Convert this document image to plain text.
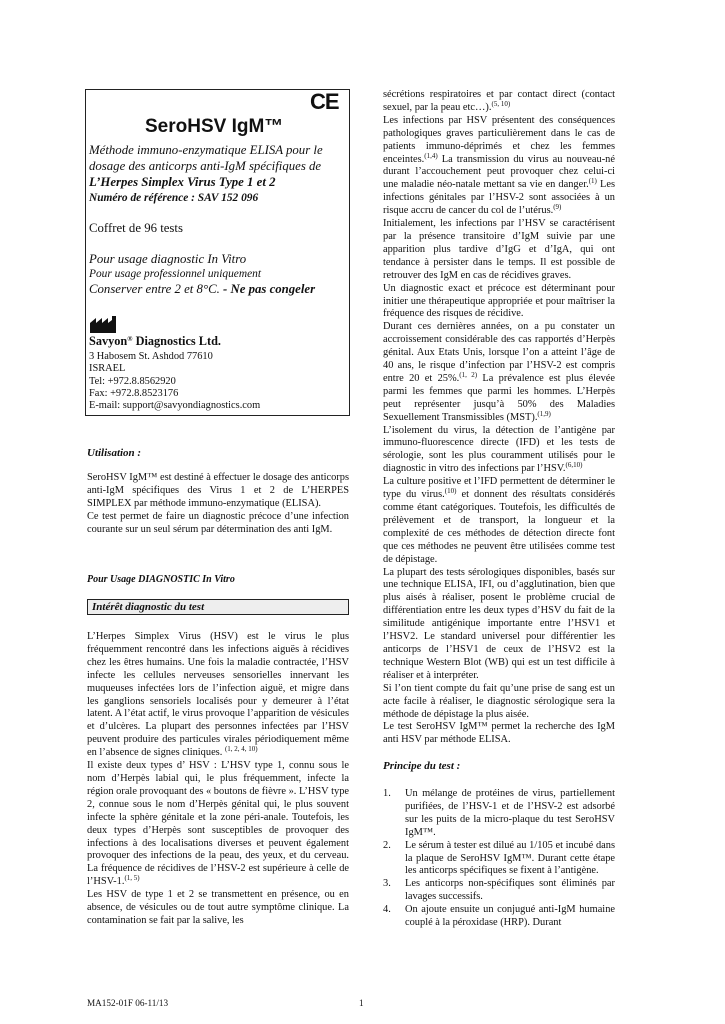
CE
SeroHSV IgM™
Méthode immuno-enzymatique ELISA pour le dosage des anticorps anti-IgM spécifiques de
L’Herpes Simplex Virus Type 1 et 2
Numéro de référence : SAV 152 096
Coffret de 96 tests
Pour usage diagnostic In Vitro
Pour usage professionnel uniquement
Conserver entre 2 et 8°C. - Ne pas congeler
Savyon® Diagnostics Ltd.
3 Habosem St. Ashdod 77610
ISRAEL
Tel: +972.8.8562920
Fax: +972.8.8523176
E-mail: support@savyondiagnostics.com
Utilisation :

SeroHSV IgM™ est destiné à effectuer le dosage des anticorps anti-IgM spécifiques des Virus 1 et 2 de L’HERPES SIMPLEX par méthode immuno-enzymatique (ELISA).

Ce test permet de faire un diagnostic précoce d’une infection courante sur un seul sérum par détermination des anti IgM.

Pour Usage DIAGNOSTIC In Vitro
Intérêt diagnostic du test

L’Herpes Simplex Virus (HSV) est le virus le plus fréquemment rencontré dans les infections aiguës à récidives chez les êtres humains. Une fois la maladie contractée, l’HSV infecte les cellules nerveuses sensorielles innervant les muqueuses infectées lors de l’infection aiguë, et migre dans les ganglions sensoriels localisés pour y demeurer à l’état latent. A l’état actif, le virus provoque l’apparition de vésicules et d’ulcères. La plupart des personnes infectées par l’HSV peuvent produire des particules virales périodiquement même en l’absence de signes cliniques. $^{(1, 2, 4, 10)}$

Il existe deux types d’ HSV : L’HSV type 1, connu sous le nom d’Herpès labial qui, le plus fréquemment, infecte la région orale provoquant des « boutons de fièvre ». L’HSV type 2, connue sous le nom d’Herpès génital qui, le plus souvent infecte la sphère génitale et la zone péri-anale. Toutefois, les deux types d’Herpès sont susceptibles de provoquer des infections à des localisations diverses et peuvent également provoquer des infections de la peau, des yeux, et du cerveau. La fréquence de récidives de l’HSV-2 est supérieure à celle de l’HSV-1.$^{(1, 5)}$

Les HSV de type 1 et 2 se transmettent en présence, ou en absence, de vésicules ou de tout autre symptôme clinique. La contamination se fait par la salive, les

sécrétions respiratoires et par contact direct (contact sexuel, par la peau etc…).$^{(5, 10)}$

Les infections par HSV présentent des conséquences pathologiques graves particulièrement dans le cas de patients immuno-déprimés et chez les femmes enceintes.$^{(1,4)}$ La transmission du virus au nouveau-né durant l’accouchement peut provoquer chez celui-ci une maladie néo-natale mettant sa vie en danger.$^{(1)}$ Les infections génitales par l’HSV-2 sont associées à un risque accru de cancer du col de l’utérus.$^{(9)}$

Initialement, les infections par l’HSV se caractérisent par la présence transitoire d’IgM suivie par une apparition plus tardive d’IgG et d’IgA, qui ont tendance à persister dans le temps. Il est possible de retrouver des IgM en cas de récidives graves.

Un diagnostic exact et précoce est déterminant pour initier une thérapeutique appropriée et pour maîtriser la fréquence des risques de récidive.

Durant ces dernières années, on a pu constater un accroissement considérable des cas rapportés d’Herpès génital. Aux Etats Unis, lorsque l’on a atteint l’âge de 40 ans, le risque d’infection par l’HSV-2 est compris entre 20 et 25%.$^{(1, 2)}$ La prévalence est plus élevée parmi les femmes que parmi les hommes. L’Herpès peut représenter jusqu’à 50% des Maladies Sexuellement Transmissibles (MST).$^{(1,9)}$

L’isolement du virus, la détection de l’antigène par immuno-fluorescence directe (IFD) et les tests de sérologie, sont les plus couramment utilisés pour le diagnostic in vitro des infections par l’HSV.$^{(6,10)}$

La culture positive et l’IFD permettent de déterminer le type du virus.$^{(10)}$ et donnent des résultats considérés comme étant catégoriques. Toutefois, les difficultés de prélèvement et de transport, la longueur et la complexité de ces méthodes de détection directe font que ces méthodes ne peuvent être utilisées comme test de dépistage.

La plupart des tests sérologiques disponibles, basés sur une technique ELISA, IFI, ou d’agglutination, bien que plus aisés à réaliser, posent le problème crucial de différentiation entre les deux types d’HSV du fait de la similitude antigénique importante entre l’HSV1 et l’HSV2. Le standard universel pour différentier les anticorps de l’HSV1 de ceux de l’HSV2 est la technique Western Blot (WB) qui est un test difficile à réaliser et à interpréter.

Si l’on tient compte du fait qu’une prise de sang est un acte facile à réaliser, le diagnostic sérologique sera la méthode de dépistage la plus aisée.

Le test SeroHSV IgM™ permet la recherche des IgM anti HSV par méthode ELISA.

Principe du test :
1. Un mélange de protéines de virus, partiellement purifiées, de l’HSV-1 et de l’HSV-2 est adsorbé sur les puits de la micro-plaque du test SeroHSV IgM™.
2. Le sérum à tester est dilué au 1/105 et incubé dans la plaque de SeroHSV IgM™. Durant cette étape les anticorps spécifiques se fixent à l’antigène.
3. Les anticorps non-spécifiques sont éliminés par lavages successifs.
4. On ajoute ensuite un conjugué anti-IgM humaine couplé à la péroxidase (HRP). Durant
MA152-01F 06-11/13	1
